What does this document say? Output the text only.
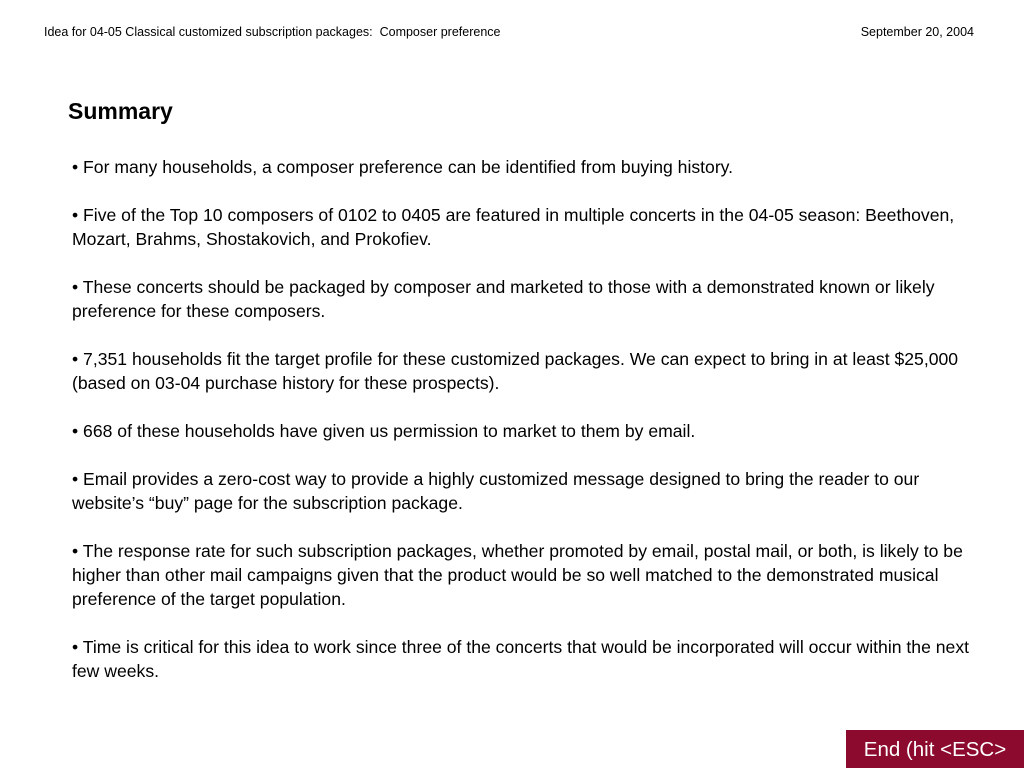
Idea for 04-05 Classical customized subscription packages:  Composer preference	September 20, 2004
Summary

• For many households, a composer preference can be identified from buying history.

• Five of the Top 10 composers of 0102 to 0405 are featured in multiple concerts in the 04-05 season: Beethoven, Mozart, Brahms, Shostakovich, and Prokofiev.

• These concerts should be packaged by composer and marketed to those with a demonstrated known or likely preference for these composers.

• 7,351 households fit the target profile for these customized packages. We can expect to bring in at least $25,000 (based on 03-04 purchase history for these prospects).

• 668 of these households have given us permission to market to them by email.

• Email provides a zero-cost way to provide a highly customized message designed to bring the reader to our website’s “buy” page for the subscription package.

• The response rate for such subscription packages, whether promoted by email, postal mail, or both, is likely to be higher than other mail campaigns given that the product would be so well matched to the demonstrated musical preference of the target population.

• Time is critical for this idea to work since three of the concerts that would be incorporated will occur within the next few weeks.

End (hit <ESC>
